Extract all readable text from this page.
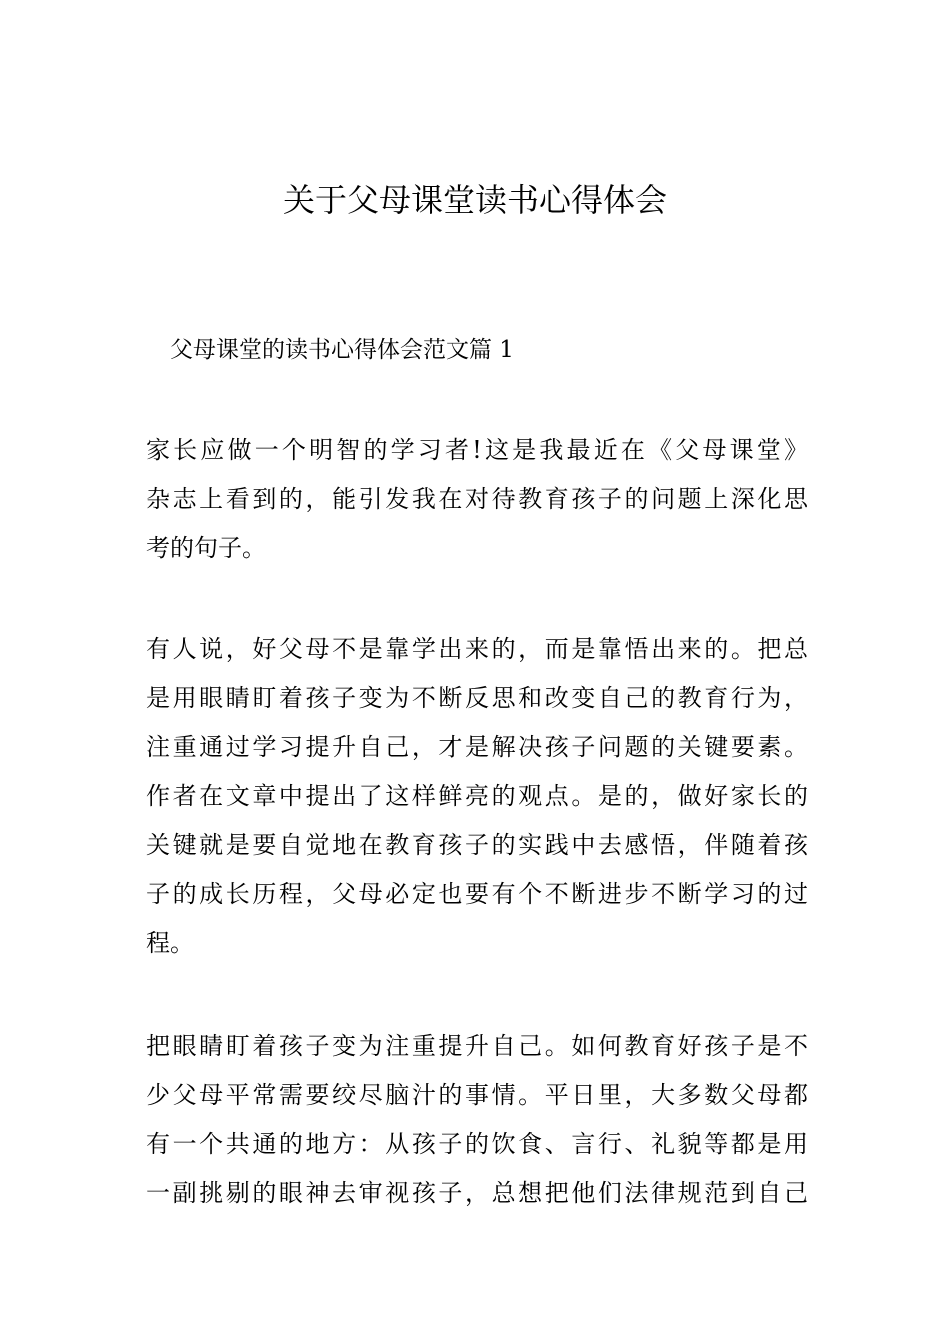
关于父母课堂读书心得体会

父母课堂的读书心得体会范文篇 1

家长应做一个明智的学习者!这是我最近在《父母课堂》
杂志上看到的，能引发我在对待教育孩子的问题上深化思
考的句子。
有人说，好父母不是靠学出来的，而是靠悟出来的。把总
是用眼睛盯着孩子变为不断反思和改变自己的教育行为，
注重通过学习提升自己，才是解决孩子问题的关键要素。
作者在文章中提出了这样鲜亮的观点。是的，做好家长的
关键就是要自觉地在教育孩子的实践中去感悟，伴随着孩
子的成长历程，父母必定也要有个不断进步不断学习的过
程。
把眼睛盯着孩子变为注重提升自己。如何教育好孩子是不
少父母平常需要绞尽脑汁的事情。平日里，大多数父母都
有一个共通的地方：从孩子的饮食、言行、礼貌等都是用
一副挑剔的眼神去审视孩子，总想把他们法律规范到自己
